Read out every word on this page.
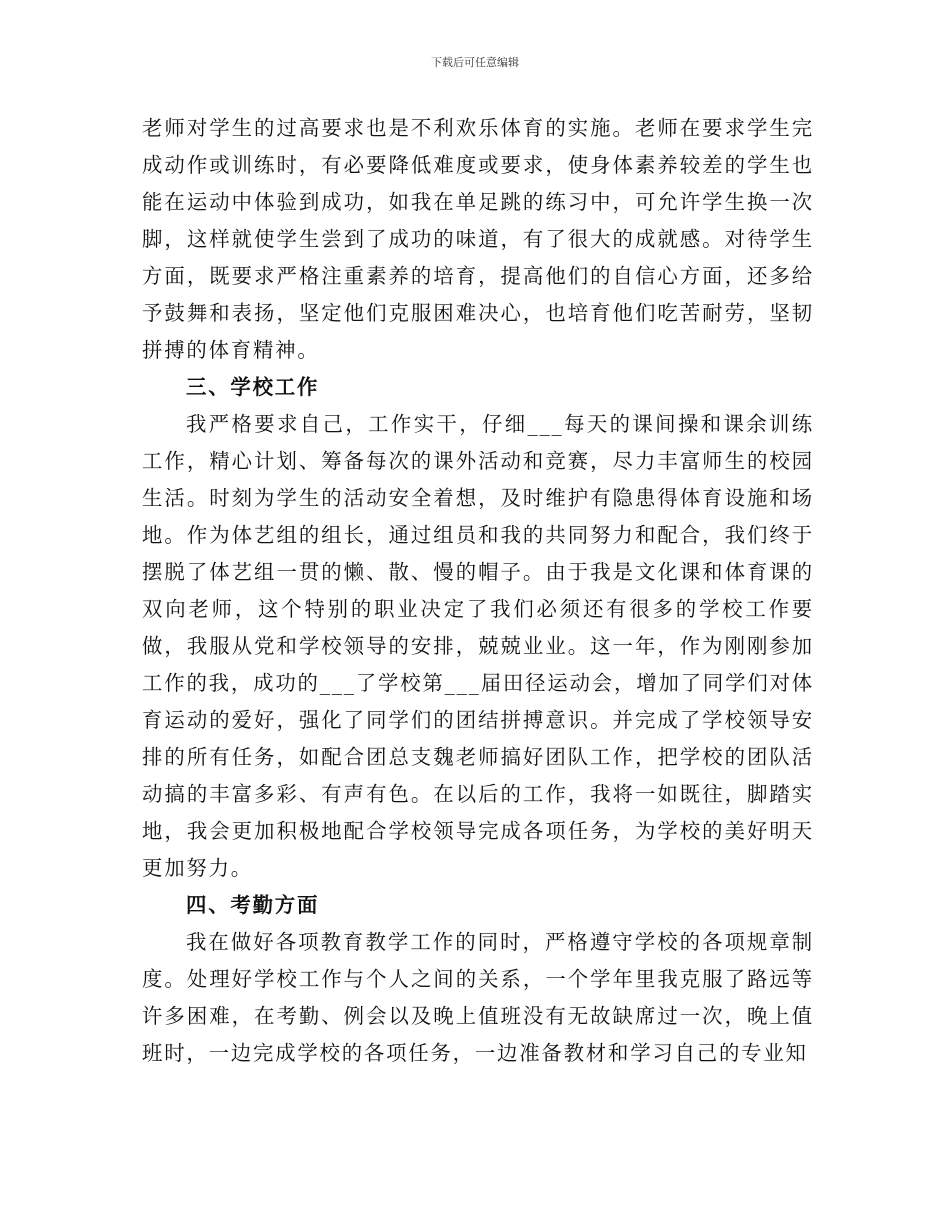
下载后可任意编辑

老师对学生的过高要求也是不利欢乐体育的实施。老师在要求学生完成动作或训练时，有必要降低难度或要求，使身体素养较差的学生也能在运动中体验到成功，如我在单足跳的练习中，可允许学生换一次脚，这样就使学生尝到了成功的味道，有了很大的成就感。对待学生方面，既要求严格注重素养的培育，提高他们的自信心方面，还多给予鼓舞和表扬，坚定他们克服困难决心，也培育他们吃苦耐劳，坚韧拼搏的体育精神。

三、学校工作

我严格要求自己，工作实干，仔细___每天的课间操和课余训练工作，精心计划、筹备每次的课外活动和竞赛，尽力丰富师生的校园生活。时刻为学生的活动安全着想，及时维护有隐患得体育设施和场地。作为体艺组的组长，通过组员和我的共同努力和配合，我们终于摆脱了体艺组一贯的懒、散、慢的帽子。由于我是文化课和体育课的双向老师，这个特别的职业决定了我们必须还有很多的学校工作要做，我服从党和学校领导的安排，兢兢业业。这一年，作为刚刚参加工作的我，成功的___了学校第___届田径运动会，增加了同学们对体育运动的爱好，强化了同学们的团结拼搏意识。并完成了学校领导安排的所有任务，如配合团总支魏老师搞好团队工作，把学校的团队活动搞的丰富多彩、有声有色。在以后的工作，我将一如既往，脚踏实地，我会更加积极地配合学校领导完成各项任务，为学校的美好明天更加努力。

四、考勤方面

我在做好各项教育教学工作的同时，严格遵守学校的各项规章制度。处理好学校工作与个人之间的关系，一个学年里我克服了路远等许多困难，在考勤、例会以及晚上值班没有无故缺席过一次，晚上值班时，一边完成学校的各项任务，一边准备教材和学习自己的专业知
